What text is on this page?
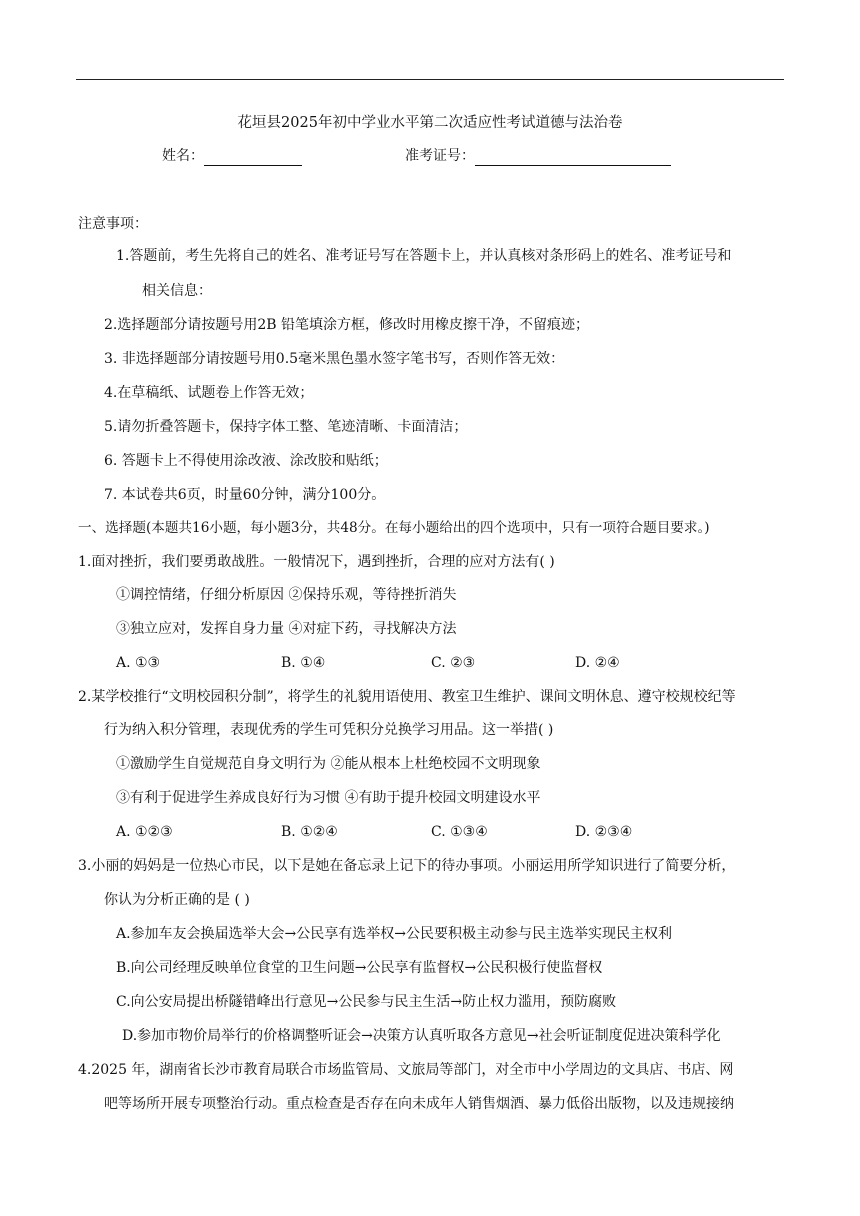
花垣县2025年初中学业水平第二次适应性考试道德与法治卷
姓名：	准考证号：
注意事项：
1.答题前，考生先将自己的姓名、准考证号写在答题卡上，并认真核对条形码上的姓名、准考证号和
相关信息：
2.选择题部分请按题号用2B 铅笔填涂方框，修改时用橡皮擦干净，不留痕迹；
3. 非选择题部分请按题号用0.5毫米黑色墨水签字笔书写，否则作答无效：
4.在草稿纸、试题卷上作答无效；
5.请勿折叠答题卡，保持字体工整、笔迹清晰、卡面清洁；
6. 答题卡上不得使用涂改液、涂改胶和贴纸；
7. 本试卷共6页，时量60分钟，满分100分。
一、选择题(本题共16小题，每小题3分，共48分。在每小题给出的四个选项中，只有一项符合题目要求。)
1.面对挫折，我们要勇敢战胜。一般情况下，遇到挫折，合理的应对方法有( )
①调控情绪，仔细分析原因 ②保持乐观，等待挫折消失
③独立应对，发挥自身力量 ④对症下药，寻找解决方法
A. ①③	B. ①④	C. ②③	D. ②④
2.某学校推行“文明校园积分制”，将学生的礼貌用语使用、教室卫生维护、课间文明休息、遵守校规校纪等
行为纳入积分管理，表现优秀的学生可凭积分兑换学习用品。这一举措( )
①激励学生自觉规范自身文明行为 ②能从根本上杜绝校园不文明现象
③有利于促进学生养成良好行为习惯 ④有助于提升校园文明建设水平
A. ①②③	B. ①②④	C. ①③④	D. ②③④
3.小丽的妈妈是一位热心市民，以下是她在备忘录上记下的待办事项。小丽运用所学知识进行了简要分析，
你认为分析正确的是 ( )
A.参加车友会换届选举大会→公民享有选举权→公民要积极主动参与民主选举实现民主权利
B.向公司经理反映单位食堂的卫生问题→公民享有监督权→公民积极行使监督权
C.向公安局提出桥隧错峰出行意见→公民参与民主生活→防止权力滥用，预防腐败
D.参加市物价局举行的价格调整听证会→决策方认真听取各方意见→社会听证制度促进决策科学化
4.2025 年，湖南省长沙市教育局联合市场监管局、文旅局等部门，对全市中小学周边的文具店、书店、网
吧等场所开展专项整治行动。重点检查是否存在向未成年人销售烟酒、暴力低俗出版物，以及违规接纳
